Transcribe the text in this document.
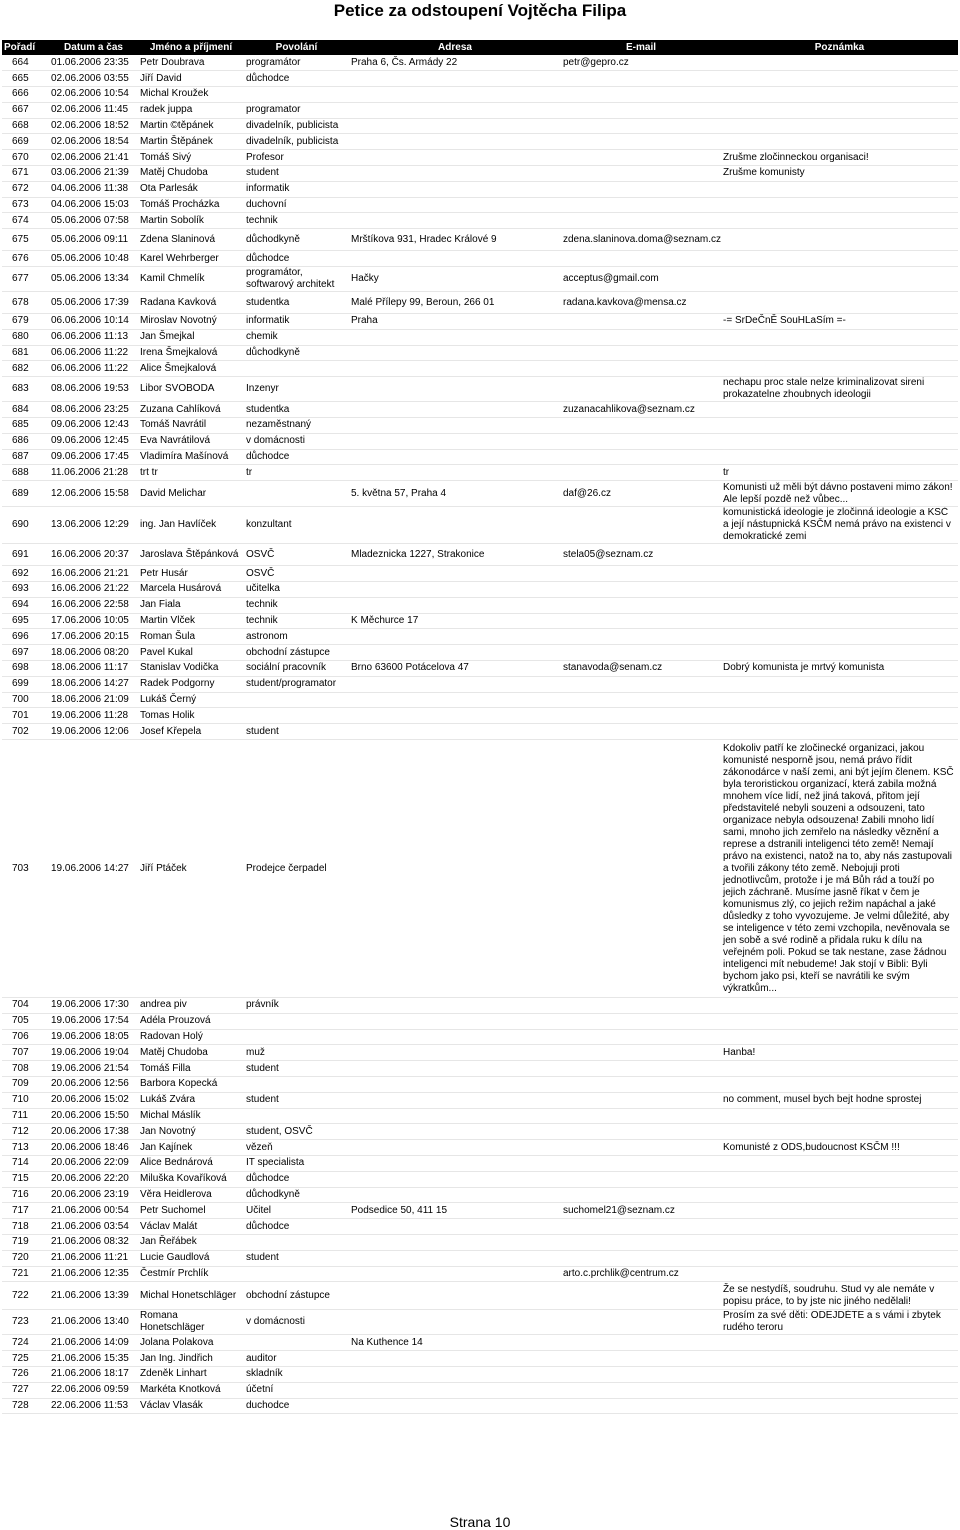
Petice za odstoupení Vojtěcha Filipa
Pořadí	Datum a čas	Jméno a příjmení	Povolání	Adresa		E-mail	Poznámka
664	01.06.2006 23:35	Petr Doubrava	programátor	Praha 6, Čs. Armády 22		petr@gepro.cz	
665	02.06.2006 03:55	Jiří David	důchodce				
666	02.06.2006 10:54	Michal Kroužek					
667	02.06.2006 11:45	radek juppa	programator				
668	02.06.2006 18:52	Martin ©těpánek	divadelník, publicista				
669	02.06.2006 18:54	Martin Štěpánek	divadelník, publicista				
670	02.06.2006 21:41	Tomáš Sivý	Profesor				Zrušme zločinneckou organisaci!
671	03.06.2006 21:39	Matěj Chudoba	student				Zrušme komunisty
672	04.06.2006 11:38	Ota Parlesák	informatik				
673	04.06.2006 15:03	Tomáš Procházka	duchovní				
674	05.06.2006 07:58	Martin Sobolík	technik				
675	05.06.2006 09:11	Zdena Slaninová	důchodkyně	Mrštíkova 931, Hradec Králové 9		zdena.slaninova.doma@seznam.cz	
676	05.06.2006 10:48	Karel Wehrberger	důchodce				
677	05.06.2006 13:34	Kamil Chmelík	programátor, softwarový architekt	Hačky		acceptus@gmail.com	
678	05.06.2006 17:39	Radana Kavková	studentka	Malé Přílepy 99, Beroun, 266 01		radana.kavkova@mensa.cz	
679	06.06.2006 10:14	Miroslav Novotný	informatik	Praha			-= SrDeČnĚ SouHLaSím =-
680	06.06.2006 11:13	Jan Šmejkal	chemik				
681	06.06.2006 11:22	Irena Šmejkalová	důchodkyně				
682	06.06.2006 11:22	Alice Šmejkalová					
683	08.06.2006 19:53	Libor SVOBODA	Inzenyr				nechapu proc stale nelze kriminalizovat sireni prokazatelne zhoubnych ideologii
684	08.06.2006 23:25	Zuzana Cahlíková	studentka			zuzanacahlikova@seznam.cz	
685	09.06.2006 12:43	Tomáš Navrátil	nezaměstnaný				
686	09.06.2006 12:45	Eva Navrátilová	v domácnosti				
687	09.06.2006 17:45	Vladimíra Mašínová	důchodce				
688	11.06.2006 21:28	trt tr	tr				tr
689	12.06.2006 15:58	David Melichar		5. května 57, Praha 4		daf@26.cz	Komunisti už měli být dávno postaveni mimo zákon! Ale lepší pozdě než vůbec...
690	13.06.2006 12:29	ing. Jan Havlíček	konzultant				komunistická ideologie je zločinná ideologie a KSČ a její nástupnická KSČM nemá právo na existenci v demokratické zemi
691	16.06.2006 20:37	Jaroslava Štěpánková	OSVČ	Mladeznicka 1227, Strakonice		stela05@seznam.cz	
692	16.06.2006 21:21	Petr Husár	OSVČ				
693	16.06.2006 21:22	Marcela Husárová	učitelka				
694	16.06.2006 22:58	Jan Fiala	technik				
695	17.06.2006 10:05	Martin Vlček	technik	K Měchurce 17			
696	17.06.2006 20:15	Roman Šula	astronom				
697	18.06.2006 08:20	Pavel Kukal	obchodní zástupce				
698	18.06.2006 11:17	Stanislav Vodička	sociální pracovník	Brno 63600 Potácelova 47		stanavoda@senam.cz	Dobrý komunista je mrtvý komunista
699	18.06.2006 14:27	Radek Podgorny	student/programator				
700	18.06.2006 21:09	Lukáš Černý					
701	19.06.2006 11:28	Tomas Holik					
702	19.06.2006 12:06	Josef Křepela	student				
703	19.06.2006 14:27	Jiří Ptáček	Prodejce čerpadel				Kdokoliv patří ke zločinecké organizaci, jakou komunisté nesporně jsou, nemá právo řídit zákonodárce v naší zemi, ani být jejím členem. KSČ byla teroristickou organizací, která zabila možná mnohem více lidí, než jiná taková, přitom její představitelé nebyli souzeni a odsouzeni, tato organizace nebyla odsouzena! Zabili mnoho lidí sami, mnoho jich zemřelo na následky věznění a represe a dstranili inteligenci této země! Nemají právo na existenci, natož na to, aby nás zastupovali a tvořili zákony této země. Nebojuji proti jednotlivcům, protože i je má Bůh rád a touží po jejich záchraně. Musíme jasně říkat v čem je komunismus zlý, co jejich režim napáchal a jaké důsledky z toho vyvozujeme. Je velmi důležité, aby se inteligence v této zemi vzchopila, nevěnovala se jen sobě a své rodině a přidala ruku k dílu na veřejném poli. Pokud se tak nestane, zase žádnou inteligenci mít nebudeme! Jak stojí v Bibli: Byli bychom jako psi, kteří se navrátili ke svým výkratkům...
704	19.06.2006 17:30	andrea piv	právník				
705	19.06.2006 17:54	Adéla Prouzová					
706	19.06.2006 18:05	Radovan Holý					
707	19.06.2006 19:04	Matěj Chudoba	muž				Hanba!
708	19.06.2006 21:54	Tomáš Filla	student				
709	20.06.2006 12:56	Barbora Kopecká					
710	20.06.2006 15:02	Lukáš Zvára	student				no comment, musel bych bejt hodne sprostej
711	20.06.2006 15:50	Michal Máslík					
712	20.06.2006 17:38	Jan Novotný	student, OSVČ				
713	20.06.2006 18:46	Jan Kajínek	vězeň				Komunisté z ODS,budoucnost KSČM !!!
714	20.06.2006 22:09	Alice Bednárová	IT specialista				
715	20.06.2006 22:20	Miluška Kovaříková	důchodce				
716	20.06.2006 23:19	Věra Heidlerova	důchodkyně				
717	21.06.2006 00:54	Petr Suchomel	Učitel	Podsedice 50, 411 15		suchomel21@seznam.cz	
718	21.06.2006 03:54	Václav Malát	důchodce				
719	21.06.2006 08:32	Jan Řeřábek					
720	21.06.2006 11:21	Lucie Gaudlová	student				
721	21.06.2006 12:35	Čestmír Prchlík				arto.c.prchlik@centrum.cz	
722	21.06.2006 13:39	Michal Honetschläger	obchodní zástupce				Že se nestydíš, soudruhu. Stud vy ale nemáte v popisu práce, to by jste nic jiného nedělali!
723	21.06.2006 13:40	Romana Honetschläger	v domácnosti				Prosím za své děti: ODEJDĚTE a s vámi i zbytek rudého teroru
724	21.06.2006 14:09	Jolana Polakova		Na Kuthence 14			
725	21.06.2006 15:35	Jan Ing. Jindřich	auditor				
726	21.06.2006 18:17	Zdeněk Linhart	skladník				
727	22.06.2006 09:59	Markéta Knotková	účetní				
728	22.06.2006 11:53	Václav Vlasák	duchodce				
Strana 10
